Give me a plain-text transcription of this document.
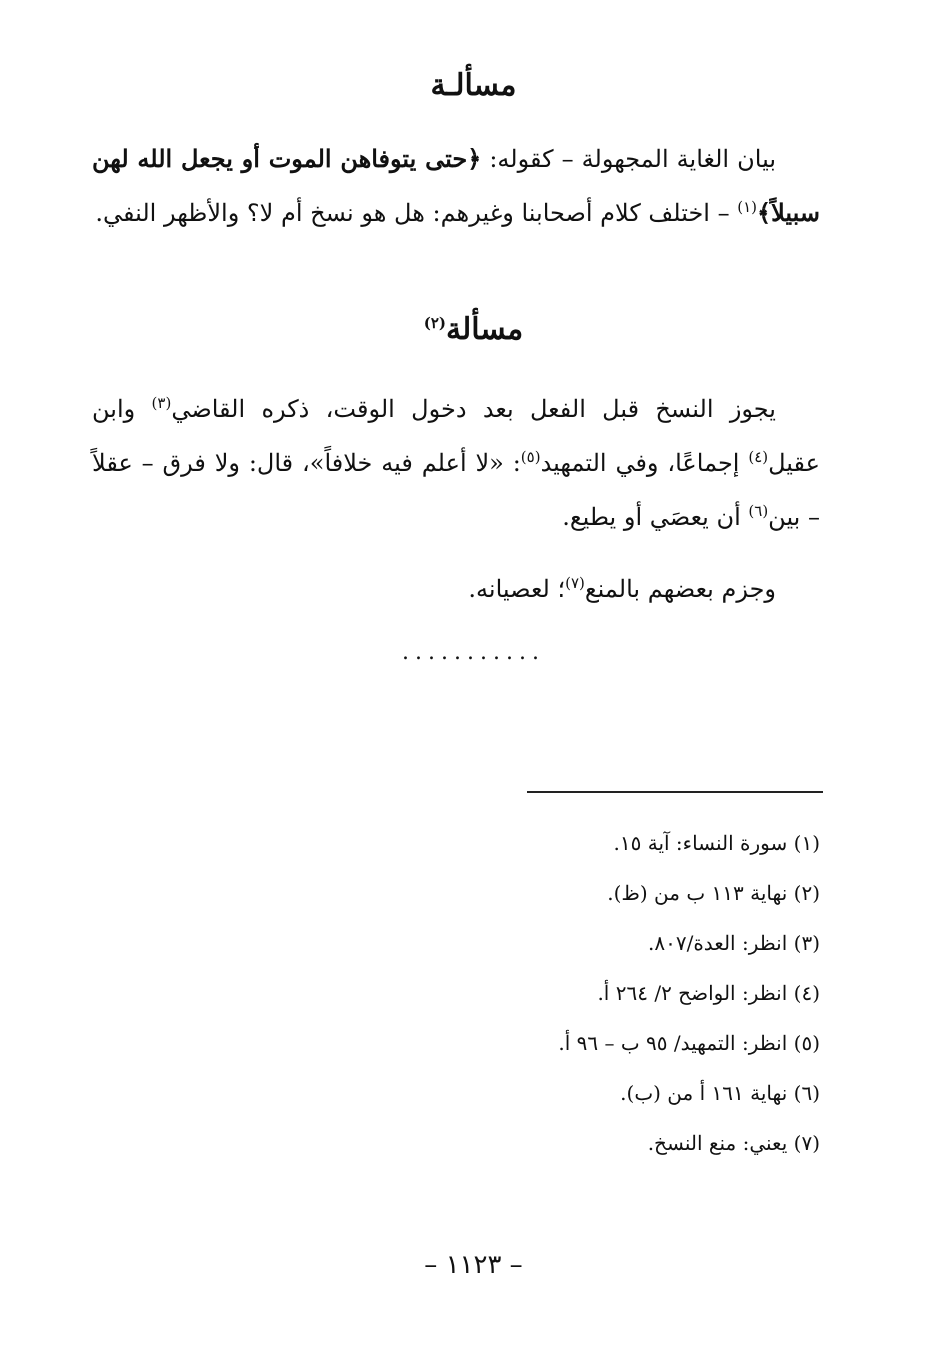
مسألـة
بيان الغاية المجهولة – كقوله: ﴿حتى يتوفاهن الموت أو يجعل الله لهن سبيلاً﴾$^{(١)}$ – اختلف كلام أصحابنا وغيرهم: هل هو نسخ أم لا؟ والأظهر النفي.
مسألة$^{(٢)}$
يجوز النسخ قبل الفعل بعد دخول الوقت، ذكره القاضي$^{(٣)}$ وابن عقيل$^{(٤)}$ إجماعًا، وفي التمهيد$^{(٥)}$: «لا أعلم فيه خلافاً»، قال: ولا فرق – عقلاً – بين$^{(٦)}$ أن يعصَي أو يطيع.
وجزم بعضهم بالمنع$^{(٧)}$؛ لعصيانه.
...........
(١) سورة النساء: آية ١٥.
(٢) نهاية ١١٣ ب من (ظ).
(٣) انظر: العدة/٨٠٧.
(٤) انظر: الواضح ٢/ ٢٦٤ أ.
(٥) انظر: التمهيد/ ٩٥ ب – ٩٦ أ.
(٦) نهاية ١٦١ أ من (ب).
(٧) يعني: منع النسخ.
– ١١٢٣ –
